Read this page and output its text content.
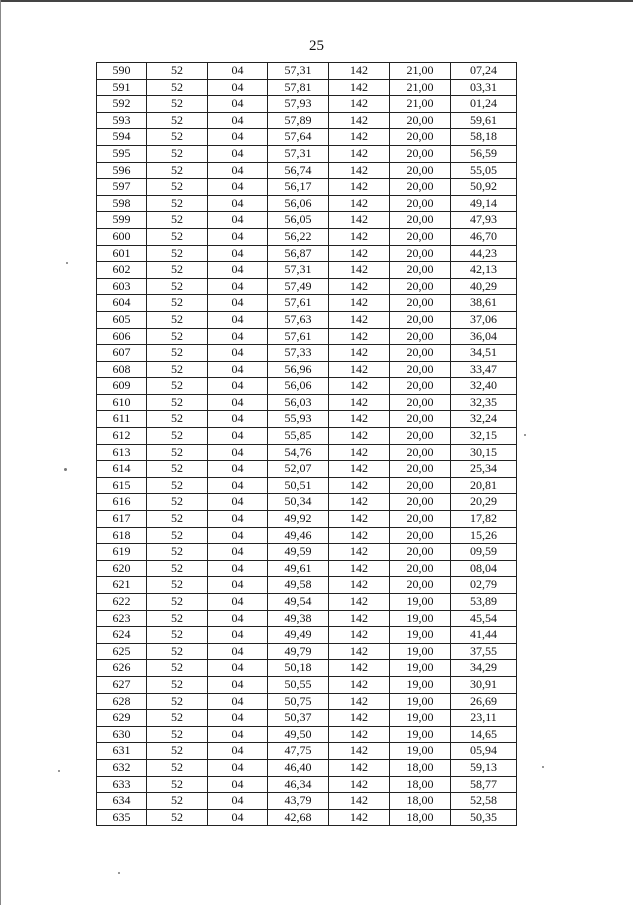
25
590	52	04	57,31	142	21,00	07,24
591	52	04	57,81	142	21,00	03,31
592	52	04	57,93	142	21,00	01,24
593	52	04	57,89	142	20,00	59,61
594	52	04	57,64	142	20,00	58,18
595	52	04	57,31	142	20,00	56,59
596	52	04	56,74	142	20,00	55,05
597	52	04	56,17	142	20,00	50,92
598	52	04	56,06	142	20,00	49,14
599	52	04	56,05	142	20,00	47,93
600	52	04	56,22	142	20,00	46,70
601	52	04	56,87	142	20,00	44,23
602	52	04	57,31	142	20,00	42,13
603	52	04	57,49	142	20,00	40,29
604	52	04	57,61	142	20,00	38,61
605	52	04	57,63	142	20,00	37,06
606	52	04	57,61	142	20,00	36,04
607	52	04	57,33	142	20,00	34,51
608	52	04	56,96	142	20,00	33,47
609	52	04	56,06	142	20,00	32,40
610	52	04	56,03	142	20,00	32,35
611	52	04	55,93	142	20,00	32,24
612	52	04	55,85	142	20,00	32,15
613	52	04	54,76	142	20,00	30,15
614	52	04	52,07	142	20,00	25,34
615	52	04	50,51	142	20,00	20,81
616	52	04	50,34	142	20,00	20,29
617	52	04	49,92	142	20,00	17,82
618	52	04	49,46	142	20,00	15,26
619	52	04	49,59	142	20,00	09,59
620	52	04	49,61	142	20,00	08,04
621	52	04	49,58	142	20,00	02,79
622	52	04	49,54	142	19,00	53,89
623	52	04	49,38	142	19,00	45,54
624	52	04	49,49	142	19,00	41,44
625	52	04	49,79	142	19,00	37,55
626	52	04	50,18	142	19,00	34,29
627	52	04	50,55	142	19,00	30,91
628	52	04	50,75	142	19,00	26,69
629	52	04	50,37	142	19,00	23,11
630	52	04	49,50	142	19,00	14,65
631	52	04	47,75	142	19,00	05,94
632	52	04	46,40	142	18,00	59,13
633	52	04	46,34	142	18,00	58,77
634	52	04	43,79	142	18,00	52,58
635	52	04	42,68	142	18,00	50,35
